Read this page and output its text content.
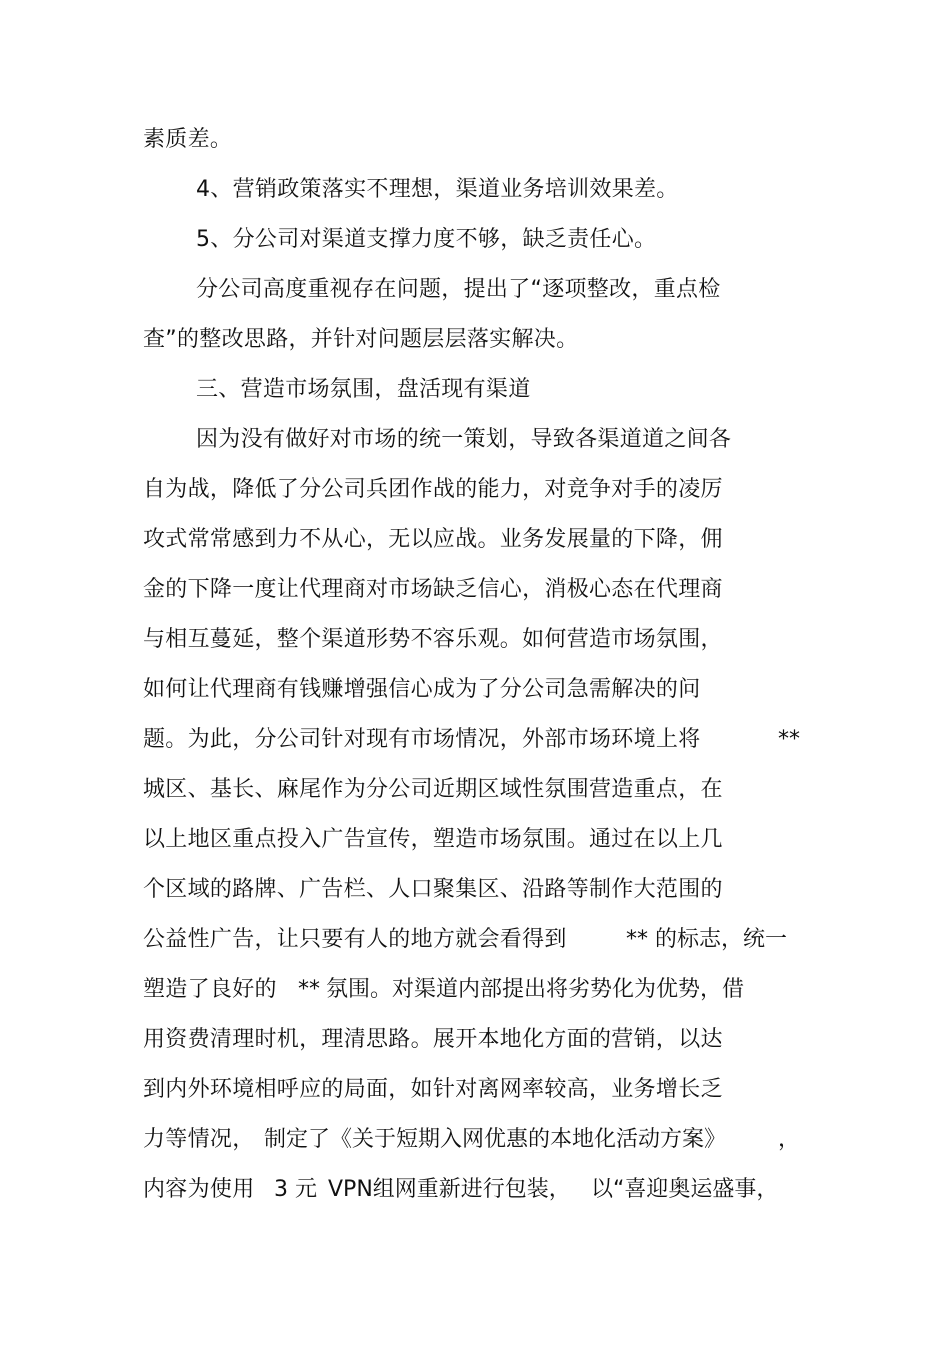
素质差。
4、营销政策落实不理想，渠道业务培训效果差。
5、分公司对渠道支撑力度不够，缺乏责任心。
分公司高度重视存在问题，提出了“逐项整改，重点检
查”的整改思路，并针对问题层层落实解决。
三、营造市场氛围，盘活现有渠道
因为没有做好对市场的统一策划，导致各渠道道之间各
自为战，降低了分公司兵团作战的能力，对竞争对手的凌厉
攻式常常感到力不从心，无以应战。业务发展量的下降，佣
金的下降一度让代理商对市场缺乏信心，消极心态在代理商
与相互蔓延，整个渠道形势不容乐观。如何营造市场氛围，
如何让代理商有钱赚增强信心成为了分公司急需解决的问
题。为此，分公司针对现有市场情况，外部市场环境上将	**
城区、基长、麻尾作为分公司近期区域性氛围营造重点，在
以上地区重点投入广告宣传，塑造市场氛围。通过在以上几
个区域的路牌、广告栏、人口聚集区、沿路等制作大范围的
公益性广告，让只要有人的地方就会看得到	** 的标志，统一
塑造了良好的 ** 氛围。对渠道内部提出将劣势化为优势，借
用资费清理时机，理清思路。展开本地化方面的营销，以达
到内外环境相呼应的局面，如针对离网率较高，业务增长乏
力等情况， 制定了《关于短期入网优惠的本地化活动方案》 ，
内容为使用 3 元 VPN组网重新进行包装， 以“喜迎奥运盛事，
